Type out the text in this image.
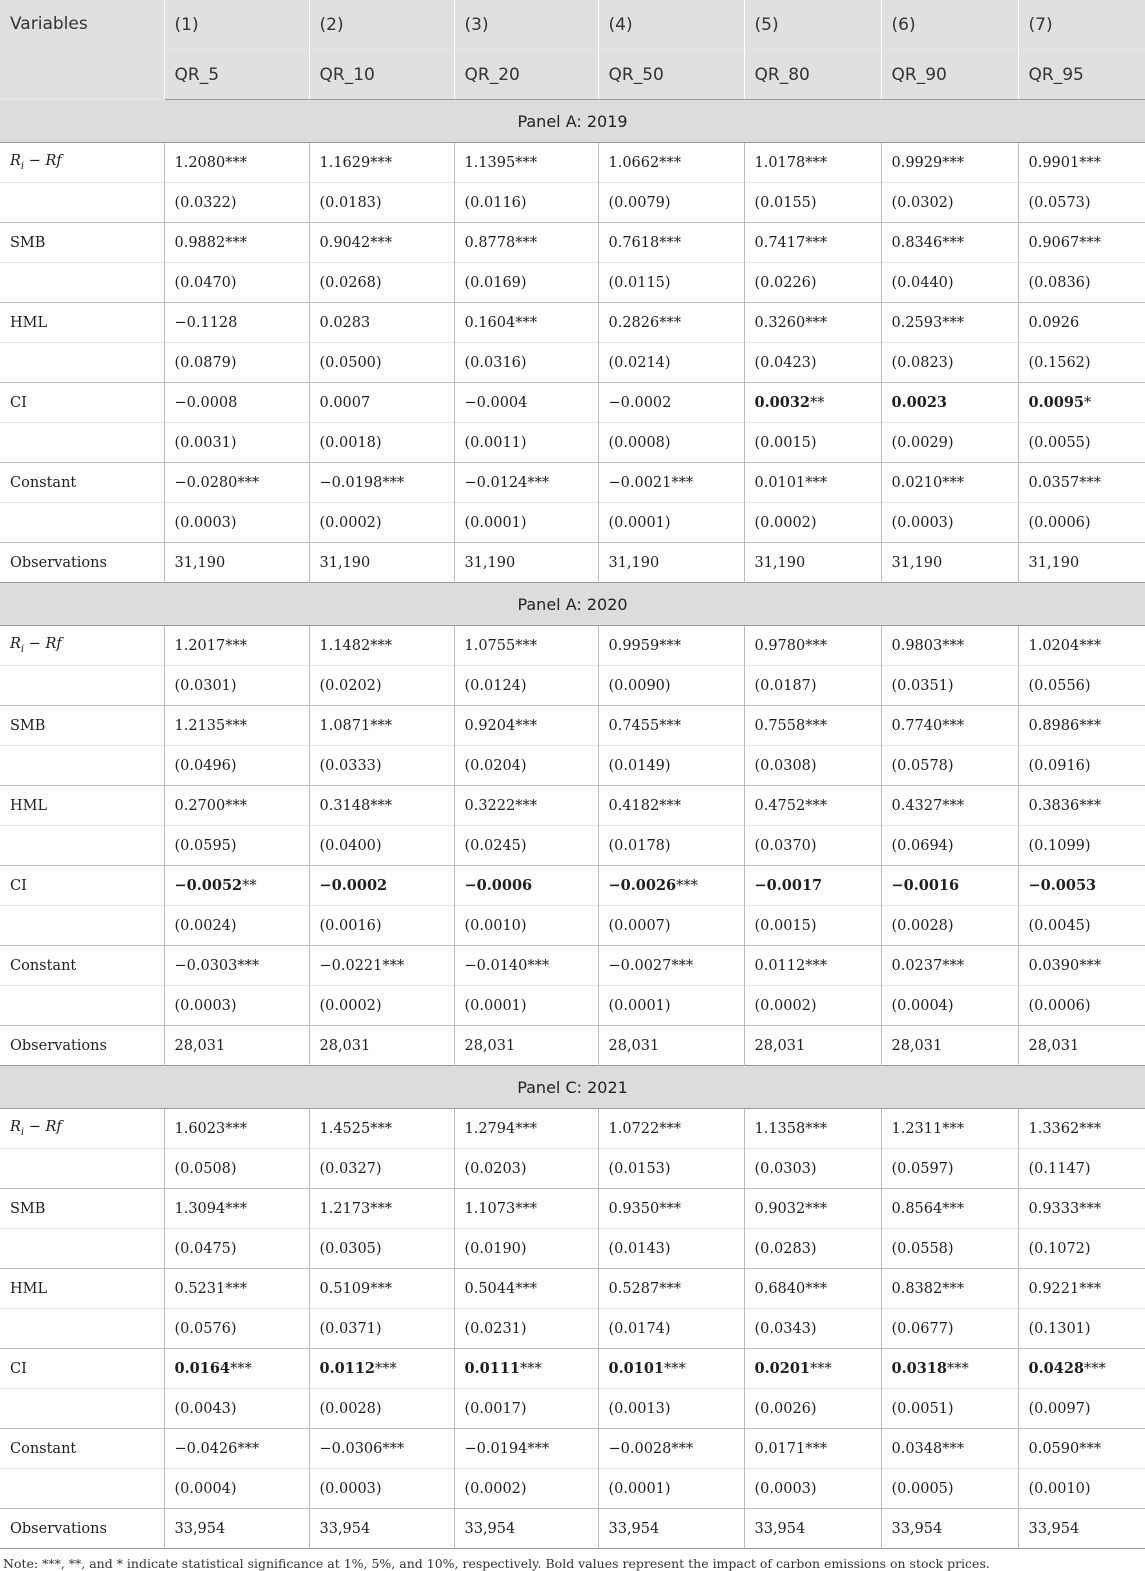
Variables	(1)	(2)	(3)	(4)	(5)	(6)	(7)
	QR_5	QR_10	QR_20	QR_50	QR_80	QR_90	QR_95
Panel A: 2019							
$R_i - Rf$	1.2080***	1.1629***	1.1395***	1.0662***	1.0178***	0.9929***	0.9901***
	(0.0322)	(0.0183)	(0.0116)	(0.0079)	(0.0155)	(0.0302)	(0.0573)
SMB	0.9882***	0.9042***	0.8778***	0.7618***	0.7417***	0.8346***	0.9067***
	(0.0470)	(0.0268)	(0.0169)	(0.0115)	(0.0226)	(0.0440)	(0.0836)
HML	−0.1128	0.0283	0.1604***	0.2826***	0.3260***	0.2593***	0.0926
	(0.0879)	(0.0500)	(0.0316)	(0.0214)	(0.0423)	(0.0823)	(0.1562)
CI	−0.0008	0.0007	−0.0004	−0.0002	0.0032**	0.0023	0.0095*
	(0.0031)	(0.0018)	(0.0011)	(0.0008)	(0.0015)	(0.0029)	(0.0055)
Constant	−0.0280***	−0.0198***	−0.0124***	−0.0021***	0.0101***	0.0210***	0.0357***
	(0.0003)	(0.0002)	(0.0001)	(0.0001)	(0.0002)	(0.0003)	(0.0006)
Observations	31,190	31,190	31,190	31,190	31,190	31,190	31,190
Panel A: 2020							
$R_i - Rf$	1.2017***	1.1482***	1.0755***	0.9959***	0.9780***	0.9803***	1.0204***
	(0.0301)	(0.0202)	(0.0124)	(0.0090)	(0.0187)	(0.0351)	(0.0556)
SMB	1.2135***	1.0871***	0.9204***	0.7455***	0.7558***	0.7740***	0.8986***
	(0.0496)	(0.0333)	(0.0204)	(0.0149)	(0.0308)	(0.0578)	(0.0916)
HML	0.2700***	0.3148***	0.3222***	0.4182***	0.4752***	0.4327***	0.3836***
	(0.0595)	(0.0400)	(0.0245)	(0.0178)	(0.0370)	(0.0694)	(0.1099)
CI	−0.0052**	−0.0002	−0.0006	−0.0026***	−0.0017	−0.0016	−0.0053
	(0.0024)	(0.0016)	(0.0010)	(0.0007)	(0.0015)	(0.0028)	(0.0045)
Constant	−0.0303***	−0.0221***	−0.0140***	−0.0027***	0.0112***	0.0237***	0.0390***
	(0.0003)	(0.0002)	(0.0001)	(0.0001)	(0.0002)	(0.0004)	(0.0006)
Observations	28,031	28,031	28,031	28,031	28,031	28,031	28,031
Panel C: 2021							
$R_i - Rf$	1.6023***	1.4525***	1.2794***	1.0722***	1.1358***	1.2311***	1.3362***
	(0.0508)	(0.0327)	(0.0203)	(0.0153)	(0.0303)	(0.0597)	(0.1147)
SMB	1.3094***	1.2173***	1.1073***	0.9350***	0.9032***	0.8564***	0.9333***
	(0.0475)	(0.0305)	(0.0190)	(0.0143)	(0.0283)	(0.0558)	(0.1072)
HML	0.5231***	0.5109***	0.5044***	0.5287***	0.6840***	0.8382***	0.9221***
	(0.0576)	(0.0371)	(0.0231)	(0.0174)	(0.0343)	(0.0677)	(0.1301)
CI	0.0164***	0.0112***	0.0111***	0.0101***	0.0201***	0.0318***	0.0428***
	(0.0043)	(0.0028)	(0.0017)	(0.0013)	(0.0026)	(0.0051)	(0.0097)
Constant	−0.0426***	−0.0306***	−0.0194***	−0.0028***	0.0171***	0.0348***	0.0590***
	(0.0004)	(0.0003)	(0.0002)	(0.0001)	(0.0003)	(0.0005)	(0.0010)
Observations	33,954	33,954	33,954	33,954	33,954	33,954	33,954
Note: ***, **, and * indicate statistical significance at 1%, 5%, and 10%, respectively. Bold values represent the impact of carbon emissions on stock prices.
